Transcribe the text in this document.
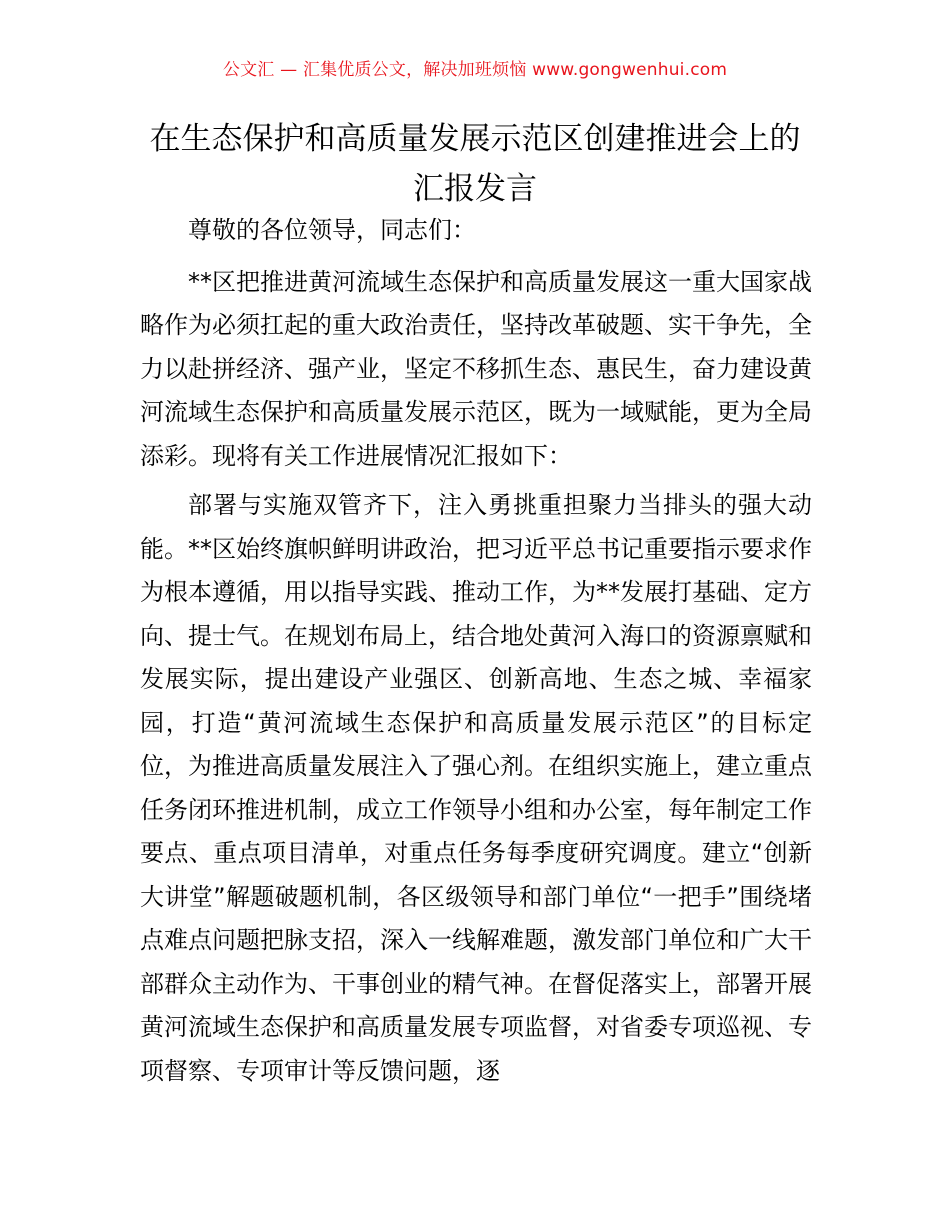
公文汇 — 汇集优质公文，解决加班烦恼 www.gongwenhui.com
在生态保护和高质量发展示范区创建推进会上的汇报发言

尊敬的各位领导，同志们：

**区把推进黄河流域生态保护和高质量发展这一重大国家战略作为必须扛起的重大政治责任，坚持改革破题、实干争先，全力以赴拼经济、强产业，坚定不移抓生态、惠民生，奋力建设黄河流域生态保护和高质量发展示范区，既为一域赋能，更为全局添彩。现将有关工作进展情况汇报如下：

部署与实施双管齐下，注入勇挑重担聚力当排头的强大动能。**区始终旗帜鲜明讲政治，把习近平总书记重要指示要求作为根本遵循，用以指导实践、推动工作，为**发展打基础、定方向、提士气。在规划布局上，结合地处黄河入海口的资源禀赋和发展实际，提出建设产业强区、创新高地、生态之城、幸福家园，打造“黄河流域生态保护和高质量发展示范区”的目标定位，为推进高质量发展注入了强心剂。在组织实施上，建立重点任务闭环推进机制，成立工作领导小组和办公室，每年制定工作要点、重点项目清单，对重点任务每季度研究调度。建立“创新大讲堂”解题破题机制，各区级领导和部门单位“一把手”围绕堵点难点问题把脉支招，深入一线解难题，激发部门单位和广大干部群众主动作为、干事创业的精气神。在督促落实上，部署开展黄河流域生态保护和高质量发展专项监督，对省委专项巡视、专项督察、专项审计等反馈问题，逐
